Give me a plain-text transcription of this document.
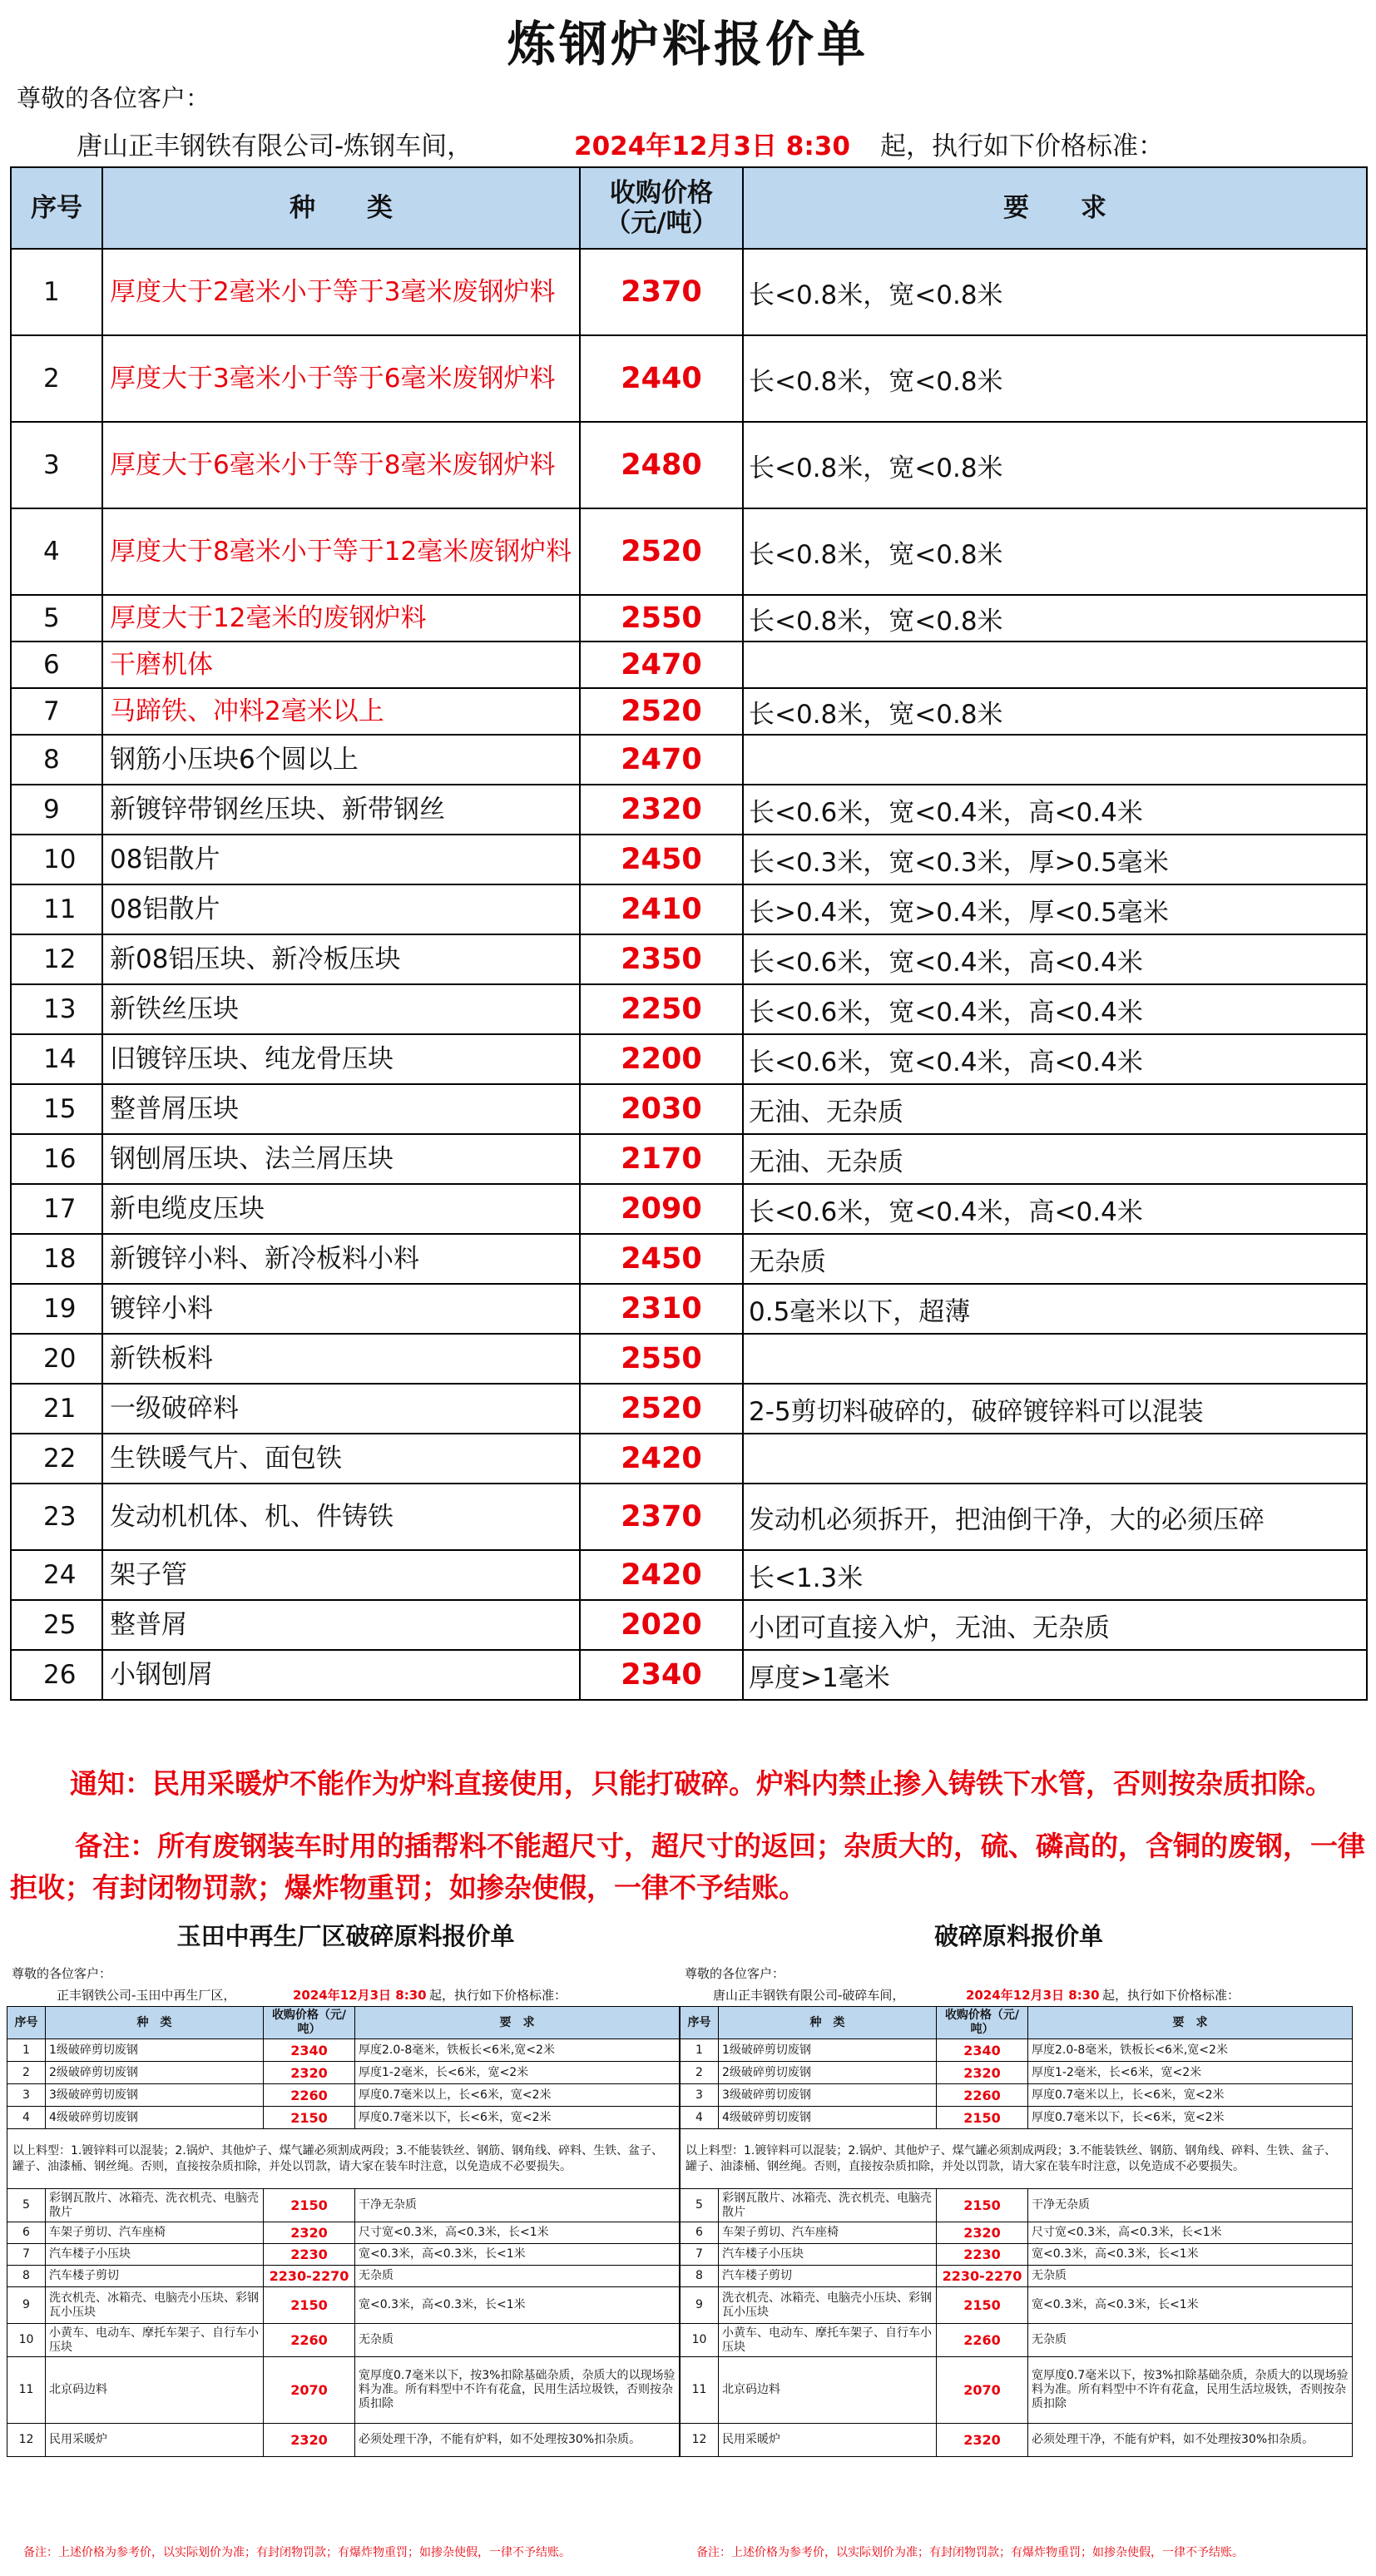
炼钢炉料报价单
尊敬的各位客户：
唐山正丰钢铁有限公司-炼钢车间，	2024年12月3日 8:30 起，执行如下价格标准：
序号	种　　类	收购价格（元/吨）	要　　求
1	厚度大于2毫米小于等于3毫米废钢炉料	2370	长<0.8米，宽<0.8米
2	厚度大于3毫米小于等于6毫米废钢炉料	2440	长<0.8米，宽<0.8米
3	厚度大于6毫米小于等于8毫米废钢炉料	2480	长<0.8米，宽<0.8米
4	厚度大于8毫米小于等于12毫米废钢炉料	2520	长<0.8米，宽<0.8米
5	厚度大于12毫米的废钢炉料	2550	长<0.8米，宽<0.8米
6	干磨机体	2470	
7	马蹄铁、冲料2毫米以上	2520	长<0.8米，宽<0.8米
8	钢筋小压块6个圆以上	2470	
9	新镀锌带钢丝压块、新带钢丝	2320	长<0.6米，宽<0.4米，高<0.4米
10	08铝散片	2450	长<0.3米，宽<0.3米，厚>0.5毫米
11	08铝散片	2410	长>0.4米，宽>0.4米，厚<0.5毫米
12	新08铝压块、新冷板压块	2350	长<0.6米，宽<0.4米，高<0.4米
13	新铁丝压块	2250	长<0.6米，宽<0.4米，高<0.4米
14	旧镀锌压块、纯龙骨压块	2200	长<0.6米，宽<0.4米，高<0.4米
15	整普屑压块	2030	无油、无杂质
16	钢刨屑压块、法兰屑压块	2170	无油、无杂质
17	新电缆皮压块	2090	长<0.6米，宽<0.4米，高<0.4米
18	新镀锌小料、新冷板料小料	2450	无杂质
19	镀锌小料	2310	0.5毫米以下，超薄
20	新铁板料	2550	
21	一级破碎料	2520	2-5剪切料破碎的，破碎镀锌料可以混装
22	生铁暖气片、面包铁	2420	
23	发动机机体、机、件铸铁	2370	发动机必须拆开，把油倒干净，大的必须压碎
24	架子管	2420	长<1.3米
25	整普屑	2020	小团可直接入炉，无油、无杂质
26	小钢刨屑	2340	厚度>1毫米
通知：民用采暖炉不能作为炉料直接使用，只能打破碎。炉料内禁止掺入铸铁下水管，否则按杂质扣除。
备注：所有废钢装车时用的插帮料不能超尺寸，超尺寸的返回；杂质大的，硫、磷高的，含铜的废钢，一律拒收；有封闭物罚款；爆炸物重罚；如掺杂使假，一律不予结账。
玉田中再生厂区破碎原料报价单
尊敬的各位客户：
正丰钢铁公司-玉田中再生厂区，	2024年12月3日 8:30 起，执行如下价格标准：
序号	种　类	收购价格（元/吨）	要　求
1	1级破碎剪切废钢	2340	厚度2.0-8毫米，铁板长<6米,宽<2米
2	2级破碎剪切废钢	2320	厚度1-2毫米，长<6米，宽<2米
3	3级破碎剪切废钢	2260	厚度0.7毫米以上，长<6米，宽<2米
4	4级破碎剪切废钢	2150	厚度0.7毫米以下，长<6米，宽<2米
以上料型：1.镀锌料可以混装；2.锅炉、其他炉子、煤气罐必须割成两段；3.不能装铁丝、钢筋、钢角线、碎料、生铁、盆子、罐子、油漆桶、钢丝绳。否则，直接按杂质扣除，并处以罚款，请大家在装车时注意，以免造成不必要损失。			
5	彩钢瓦散片、冰箱壳、洗衣机壳、电脑壳散片	2150	干净无杂质
6	车架子剪切、汽车座椅	2320	尺寸宽<0.3米，高<0.3米，长<1米
7	汽车楼子小压块	2230	宽<0.3米，高<0.3米，长<1米
8	汽车楼子剪切	2230-2270	无杂质
9	洗衣机壳、冰箱壳、电脑壳小压块、彩钢瓦小压块	2150	宽<0.3米，高<0.3米，长<1米
10	小黄车、电动车、摩托车架子、自行车小压块	2260	无杂质
11	北京码边料	2070	宽厚度0.7毫米以下，按3%扣除基础杂质，杂质大的以现场验料为准。所有料型中不许有花盒，民用生活垃圾铁，否则按杂质扣除
12	民用采暖炉	2320	必须处理干净，不能有炉料，如不处理按30%扣杂质。
备注：上述价格为参考价，以实际划价为准；有封闭物罚款；有爆炸物重罚；如掺杂使假，一律不予结账。
破碎原料报价单
尊敬的各位客户：
唐山正丰钢铁有限公司-破碎车间，	2024年12月3日 8:30 起，执行如下价格标准：
序号	种　类	收购价格（元/吨）	要　求
1	1级破碎剪切废钢	2340	厚度2.0-8毫米，铁板长<6米,宽<2米
2	2级破碎剪切废钢	2320	厚度1-2毫米，长<6米，宽<2米
3	3级破碎剪切废钢	2260	厚度0.7毫米以上，长<6米，宽<2米
4	4级破碎剪切废钢	2150	厚度0.7毫米以下，长<6米，宽<2米
以上料型：1.镀锌料可以混装；2.锅炉、其他炉子、煤气罐必须割成两段；3.不能装铁丝、钢筋、钢角线、碎料、生铁、盆子、罐子、油漆桶、钢丝绳。否则，直接按杂质扣除，并处以罚款，请大家在装车时注意，以免造成不必要损失。			
5	彩钢瓦散片、冰箱壳、洗衣机壳、电脑壳散片	2150	干净无杂质
6	车架子剪切、汽车座椅	2320	尺寸宽<0.3米，高<0.3米，长<1米
7	汽车楼子小压块	2230	宽<0.3米，高<0.3米，长<1米
8	汽车楼子剪切	2230-2270	无杂质
9	洗衣机壳、冰箱壳、电脑壳小压块、彩钢瓦小压块	2150	宽<0.3米，高<0.3米，长<1米
10	小黄车、电动车、摩托车架子、自行车小压块	2260	无杂质
11	北京码边料	2070	宽厚度0.7毫米以下，按3%扣除基础杂质，杂质大的以现场验料为准。所有料型中不许有花盒，民用生活垃圾铁，否则按杂质扣除
12	民用采暖炉	2320	必须处理干净，不能有炉料，如不处理按30%扣杂质。
备注：上述价格为参考价，以实际划价为准；有封闭物罚款；有爆炸物重罚；如掺杂使假，一律不予结账。
